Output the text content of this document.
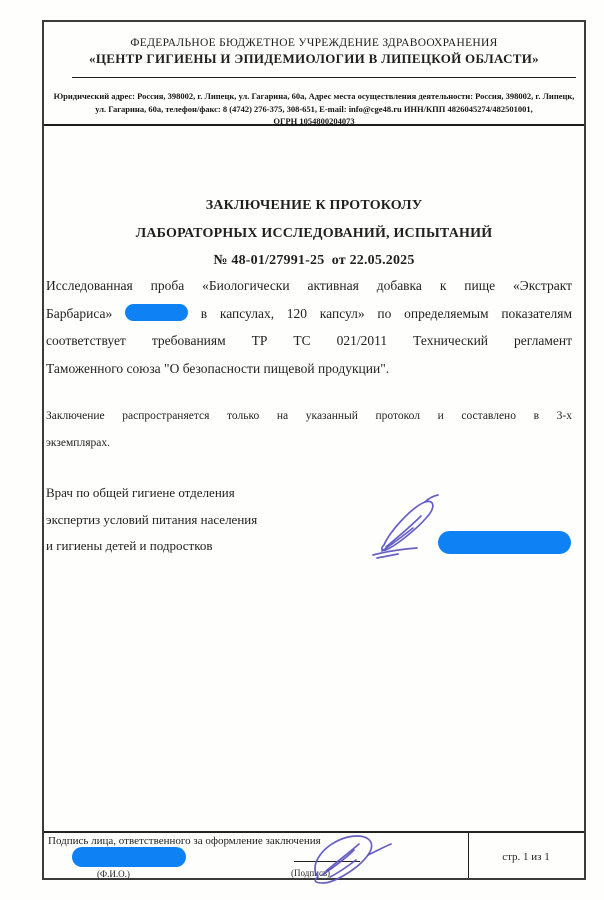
ФЕДЕРАЛЬНОЕ БЮДЖЕТНОЕ УЧРЕЖДЕНИЕ ЗДРАВООХРАНЕНИЯ
«ЦЕНТР ГИГИЕНЫ И ЭПИДЕМИОЛОГИИ В ЛИПЕЦКОЙ ОБЛАСТИ»
Юридический адрес: Россия, 398002, г. Липецк, ул. Гагарина, 60а, Адрес места осуществления деятельности: Россия, 398002, г. Липецк,
ул. Гагарина, 60а, телефон/факс: 8 (4742) 276-375, 308-651, E-mail: info@cge48.ru ИНН/КПП 4826045274/482501001,
ОГРН 1054800204073
ЗАКЛЮЧЕНИЕ К ПРОТОКОЛУ
ЛАБОРАТОРНЫХ ИССЛЕДОВАНИЙ, ИСПЫТАНИЙ
№ 48-01/27991-25  от 22.05.2025
Исследованная проба «Биологически активная добавка к пище «Экстракт
Барбариса»	в капсулах, 120 капсул» по определяемым показателям
соответствует требованиям ТР ТС 021/2011 Технический регламент
Таможенного союза "О безопасности пищевой продукции".
Заключение распространяется только на указанный протокол и составлено в 3-х
экземплярах.
Врач по общей гигиене отделения
экспертиз условий питания населения
и гигиены детей и подростков
Подпись лица, ответственного за оформление заключения
(Ф.И.О.)	(Подпись)
стр. 1 из 1
